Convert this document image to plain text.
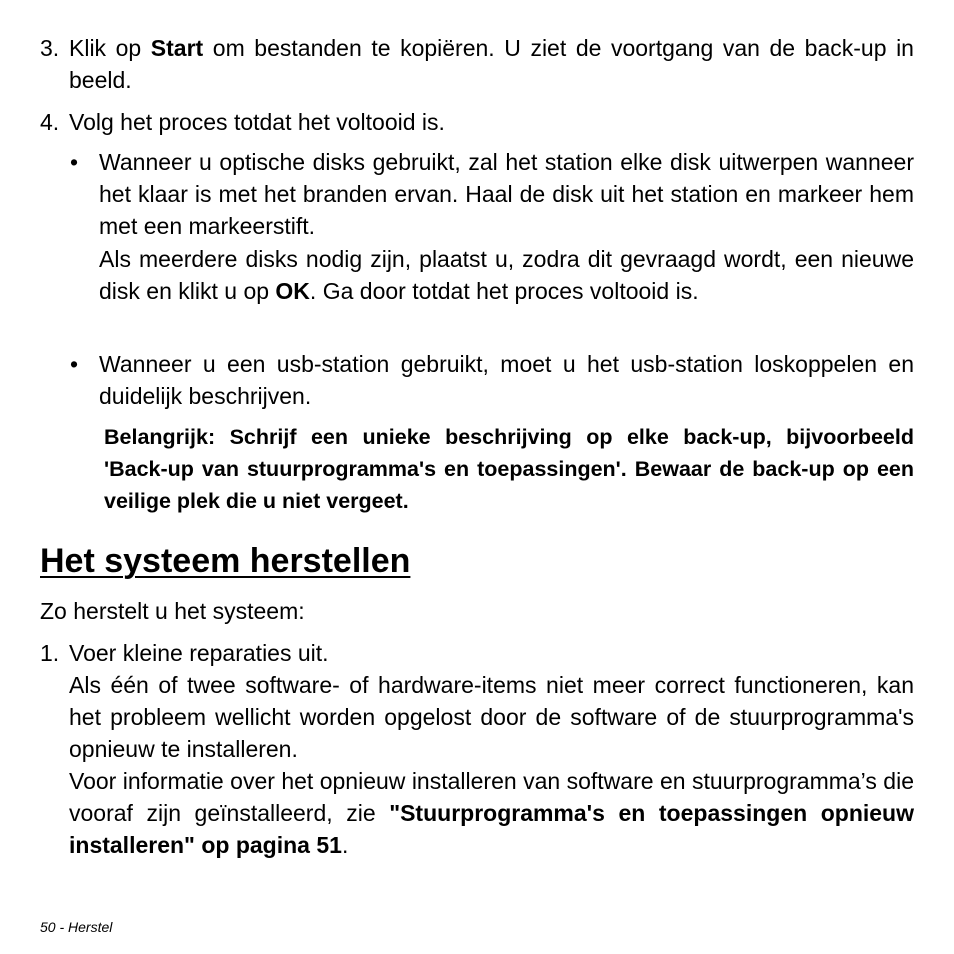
3. Klik op Start om bestanden te kopiëren. U ziet de voortgang van de back-up in beeld.
4. Volg het proces totdat het voltooid is.
• Wanneer u optische disks gebruikt, zal het station elke disk uitwerpen wanneer het klaar is met het branden ervan. Haal de disk uit het station en markeer hem met een markeerstift.
Als meerdere disks nodig zijn, plaatst u, zodra dit gevraagd wordt, een nieuwe disk en klikt u op OK. Ga door totdat het proces voltooid is.
• Wanneer u een usb-station gebruikt, moet u het usb-station loskoppelen en duidelijk beschrijven.
Belangrijk: Schrijf een unieke beschrijving op elke back-up, bijvoorbeeld 'Back-up van stuurprogramma's en toepassingen'. Bewaar de back-up op een veilige plek die u niet vergeet.
Het systeem herstellen
Zo herstelt u het systeem:
1. Voer kleine reparaties uit.
Als één of twee software- of hardware-items niet meer correct functioneren, kan het probleem wellicht worden opgelost door de software of de stuurprogramma's opnieuw te installeren.
Voor informatie over het opnieuw installeren van software en stuurprogramma’s die vooraf zijn geïnstalleerd, zie "Stuurprogramma's en toepassingen opnieuw installeren" op pagina 51.
50 - Herstel
